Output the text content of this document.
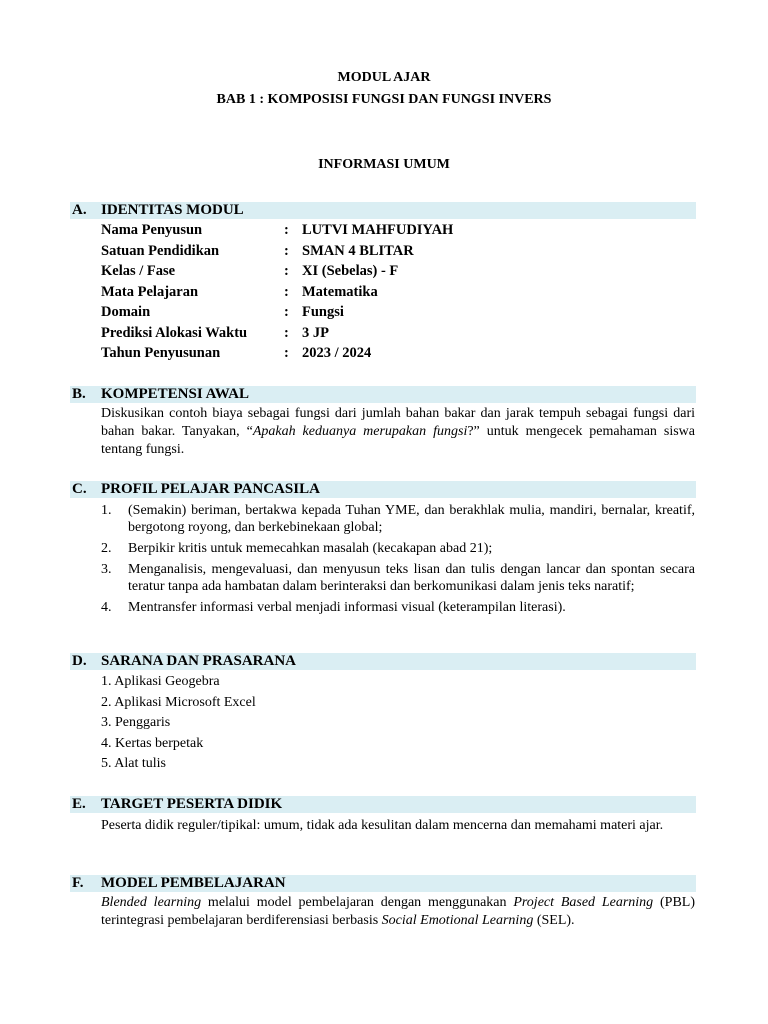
MODUL AJAR
BAB 1 : KOMPOSISI FUNGSI DAN FUNGSI INVERS
INFORMASI UMUM
A. IDENTITAS MODUL
Nama Penyusun	: LUTVI MAHFUDIYAH
Satuan Pendidikan	: SMAN 4 BLITAR
Kelas / Fase	: XI (Sebelas) - F
Mata Pelajaran	: Matematika
Domain	: Fungsi
Prediksi Alokasi Waktu	: 3 JP
Tahun Penyusunan	: 2023 / 2024
B. KOMPETENSI AWAL
Diskusikan contoh biaya sebagai fungsi dari jumlah bahan bakar dan jarak tempuh sebagai fungsi dari bahan bakar. Tanyakan, “Apakah keduanya merupakan fungsi?” untuk mengecek pemahaman siswa tentang fungsi.
C. PROFIL PELAJAR PANCASILA
1. (Semakin) beriman, bertakwa kepada Tuhan YME, dan berakhlak mulia, mandiri, bernalar, kreatif, bergotong royong, dan berkebinekaan global;
2. Berpikir kritis untuk memecahkan masalah (kecakapan abad 21);
3. Menganalisis, mengevaluasi, dan menyusun teks lisan dan tulis dengan lancar dan spontan secara teratur tanpa ada hambatan dalam berinteraksi dan berkomunikasi dalam jenis teks naratif;
4. Mentransfer informasi verbal menjadi informasi visual (keterampilan literasi).
D. SARANA DAN PRASARANA
1. Aplikasi Geogebra
2. Aplikasi Microsoft Excel
3. Penggaris
4. Kertas berpetak
5. Alat tulis
E. TARGET PESERTA DIDIK
Peserta didik reguler/tipikal: umum, tidak ada kesulitan dalam mencerna dan memahami materi ajar.
F. MODEL PEMBELAJARAN
Blended learning melalui model pembelajaran dengan menggunakan Project Based Learning (PBL) terintegrasi pembelajaran berdiferensiasi berbasis Social Emotional Learning (SEL).
